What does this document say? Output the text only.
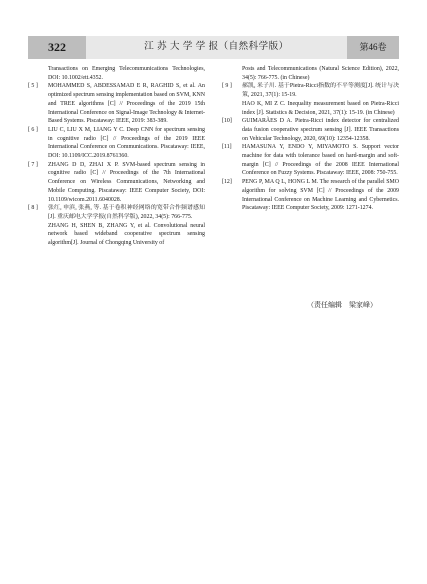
322	江 苏 大 学 学 报（自然科学版）	第46卷

Transactions on Emerging Telecommunications Technologies, DOI: 10.1002/ett.4352.

[ 5 ]	MOHAMMED S, ABDESSAMAD E R, RAGHID S, et al. An optimized spectrum sensing implementation based on SVM, KNN and TREE algorithms [C] // Proceedings of the 2019 15th International Conference on Signal-Image Technology & Internet-Based Systems. Piscataway: IEEE, 2019: 383-389.

[ 6 ]	LIU C, LIU X M, LIANG Y C. Deep CNN for spectrum sensing in cognitive radio [C] // Proceedings of the 2019 IEEE International Conference on Communications. Piscataway: IEEE, DOI: 10.1109/ICC.2019.8761360.

[ 7 ]	ZHANG D D, ZHAI X P. SVM-based spectrum sensing in cognitive radio [C] // Proceedings of the 7th International Conference on Wireless Communications, Networking and Mobile Computing. Piscataway: IEEE Computer Society, DOI: 10.1109/wicom.2011.6040028.

[ 8 ]	张红, 申滨, 张燕, 等. 基于卷积神经网络的宽带合作频谱感知[J]. 重庆邮电大学学报(自然科学版), 2022, 34(5): 766-775.

ZHANG H, SHEN B, ZHANG Y, et al. Convolutional neural network based wideband cooperative spectrum sensing algorithm[J]. Journal of Chongqing University of

Posts and Telecommunications (Natural Science Edition), 2022, 34(5): 766-775. (in Chinese)

[ 9 ]	郝凯, 米子川. 基于Pietra-Ricci指数的不平等测度[J]. 统计与决策, 2021, 37(1): 15-19.

HAO K, MI Z C. Inequality measurement based on Pietra-Ricci index [J]. Statistics & Decision, 2021, 37(1): 15-19. (in Chinese)

[10]	GUIMARÃES D A. Pietra-Ricci index detector for centralized data fusion cooperative spectrum sensing [J]. IEEE Transactions on Vehicular Technology, 2020, 69(10): 12354-12358.

[11]	HAMASUNA Y, ENDO Y, MIYAMOTO S. Support vector machine for data with tolerance based on hard-margin and soft-margin [C] // Proceedings of the 2008 IEEE International Conference on Fuzzy Systems. Piscataway: IEEE, 2008: 750-755.

[12]	PENG P, MA Q L, HONG L M. The research of the parallel SMO algorithm for solving SVM [C] // Proceedings of the 2009 International Conference on Machine Learning and Cybernetics. Piscataway: IEEE Computer Society, 2009: 1271-1274.

（责任编辑　梁家峰）
